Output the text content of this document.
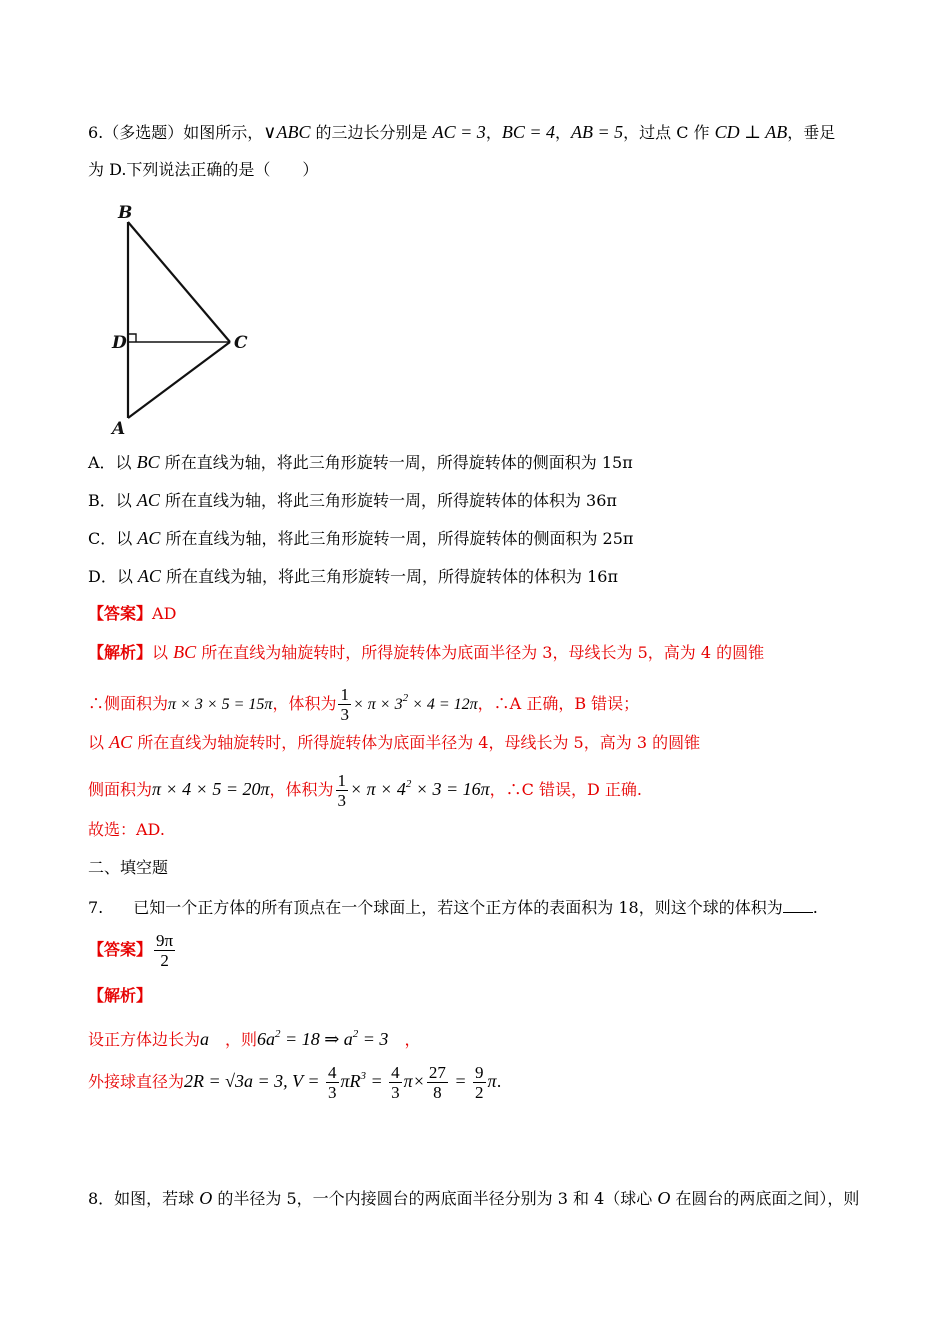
6.（多选题）如图所示，∨ABC 的三边长分别是 AC = 3，BC = 4，AB = 5，过点 C 作 CD ⊥ AB，垂足
为 D.下列说法正确的是（　　）
B
D	C
A
A．以 BC 所在直线为轴，将此三角形旋转一周，所得旋转体的侧面积为 15π
B．以 AC 所在直线为轴，将此三角形旋转一周，所得旋转体的体积为 36π
C．以 AC 所在直线为轴，将此三角形旋转一周，所得旋转体的侧面积为 25π
D．以 AC 所在直线为轴，将此三角形旋转一周，所得旋转体的体积为 16π
【答案】AD
【解析】以 BC 所在直线为轴旋转时，所得旋转体为底面半径为 3，母线长为 5，高为 4 的圆锥
∴侧面积为π × 3 × 5 = 15π，体积为 $\frac{1}{3} \times \pi \times 3^2 \times 4 = 12\pi$，∴A 正确，B 错误；
以 AC 所在直线为轴旋转时，所得旋转体为底面半径为 4，母线长为 5，高为 3 的圆锥
侧面积为π × 4 × 5 = 20π，体积为 $\frac{1}{3} \times \pi \times 4^2 \times 3 = 16\pi$，∴C 错误，D 正确.
故选：AD.
二、填空题
7. 已知一个正方体的所有顶点在一个球面上，若这个正方体的表面积为 18，则这个球的体积为 .
【答案】 $\frac{9\pi}{2}$
【解析】
设正方体边长为a　 ，则$6a^2 = 18$ ⇒ $a^2 = 3$　 ，
外接球直径为2R = √3a = 3, $V = \frac{4}{3} \pi R^3 = \frac{4}{3} \pi\times \frac{27}{8} = \frac{9}{2} \pi$.
8．如图，若球 O 的半径为 5，一个内接圆台的两底面半径分别为 3 和 4（球心 O 在圆台的两底面之间），则
